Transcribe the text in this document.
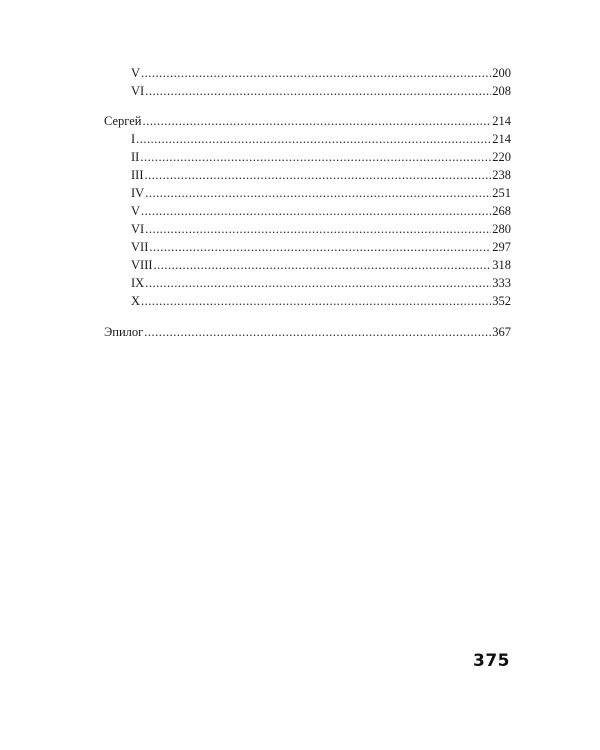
V .....	200
VI .....	208
Сергей .....	214
I .....	214
II .....	220
III .....	238
IV .....	251
V .....	268
VI .....	280
VII .....	297
VIII .....	318
IX .....	333
X .....	352
Эпилог .....	367
375
